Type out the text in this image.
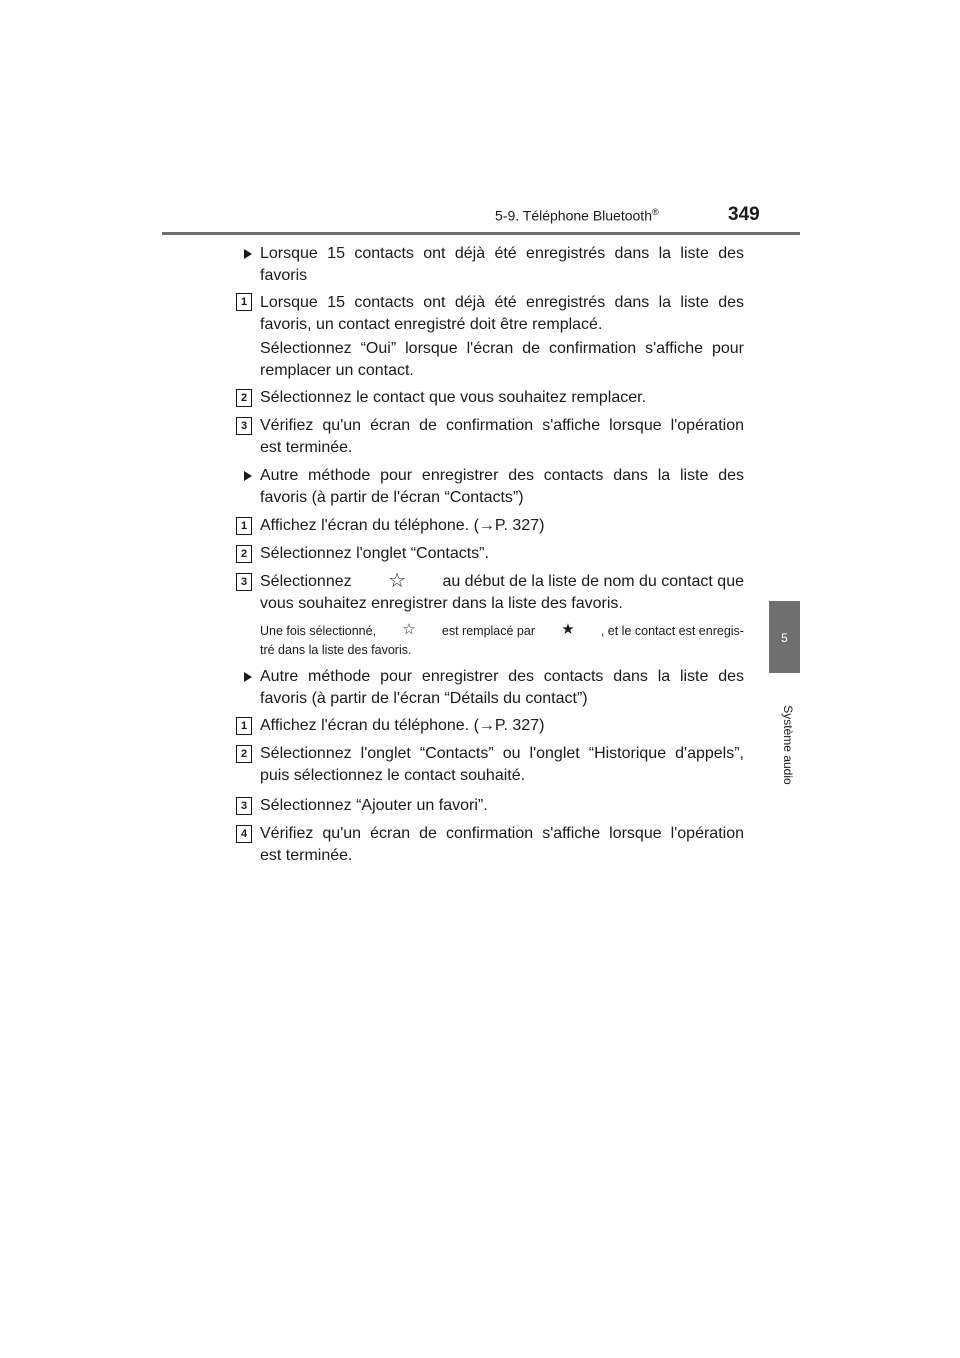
5-9. Téléphone Bluetooth®	349
5
Système audio
Lorsque 15 contacts ont déjà été enregistrés dans la liste des
favoris
1 Lorsque 15 contacts ont déjà été enregistrés dans la liste des
favoris, un contact enregistré doit être remplacé.
Sélectionnez “Oui” lorsque l'écran de confirmation s'affiche pour
remplacer un contact.
2 Sélectionnez le contact que vous souhaitez remplacer.
3 Vérifiez qu'un écran de confirmation s'affiche lorsque l'opération
est terminée.
Autre méthode pour enregistrer des contacts dans la liste des
favoris (à partir de l'écran “Contacts”)
1 Affichez l'écran du téléphone. (→P. 327)
2 Sélectionnez l'onglet “Contacts”.
3 Sélectionnez ☆ au début de la liste de nom du contact que
vous souhaitez enregistrer dans la liste des favoris.
Une fois sélectionné, ☆ est remplacé par ★ , et le contact est enregis-
tré dans la liste des favoris.
Autre méthode pour enregistrer des contacts dans la liste des
favoris (à partir de l'écran “Détails du contact”)
1 Affichez l'écran du téléphone. (→P. 327)
2 Sélectionnez l'onglet “Contacts” ou l'onglet “Historique d'appels”,
puis sélectionnez le contact souhaité.
3 Sélectionnez “Ajouter un favori”.
4 Vérifiez qu'un écran de confirmation s'affiche lorsque l'opération
est terminée.
